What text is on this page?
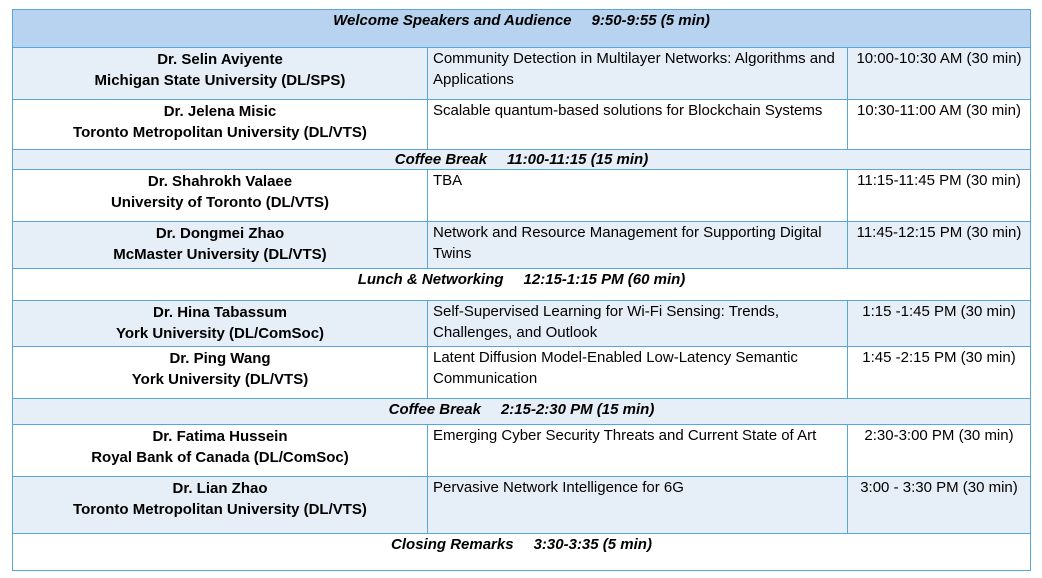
Welcome Speakers and Audience 9:50-9:55 (5 min)		

Dr. Selin Aviyente
Michigan State University (DL/SPS)	Community Detection in Multilayer Networks: Algorithms and Applications	10:00-10:30 AM (30 min)

Dr. Jelena Misic
Toronto Metropolitan University (DL/VTS)	Scalable quantum-based solutions for Blockchain Systems	10:30-11:00 AM (30 min)
Coffee Break 11:00-11:15 (15 min)		

Dr. Shahrokh Valaee
University of Toronto (DL/VTS)	TBA	11:15-11:45 PM (30 min)

Dr. Dongmei Zhao
McMaster University (DL/VTS)	Network and Resource Management for Supporting Digital Twins	11:45-12:15 PM (30 min)
Lunch & Networking 12:15-1:15 PM (60 min)		

Dr. Hina Tabassum
York University (DL/ComSoc)	Self-Supervised Learning for Wi-Fi Sensing: Trends, Challenges, and Outlook	1:15 -1:45 PM (30 min)

Dr. Ping Wang
York University (DL/VTS)	Latent Diffusion Model-Enabled Low-Latency Semantic Communication	1:45 -2:15 PM (30 min)
Coffee Break 2:15-2:30 PM (15 min)		

Dr. Fatima Hussein
Royal Bank of Canada (DL/ComSoc)	Emerging Cyber Security Threats and Current State of Art	2:30-3:00 PM (30 min)

Dr. Lian Zhao
Toronto Metropolitan University (DL/VTS)	Pervasive Network Intelligence for 6G	3:00 - 3:30 PM (30 min)
Closing Remarks 3:30-3:35 (5 min)		
